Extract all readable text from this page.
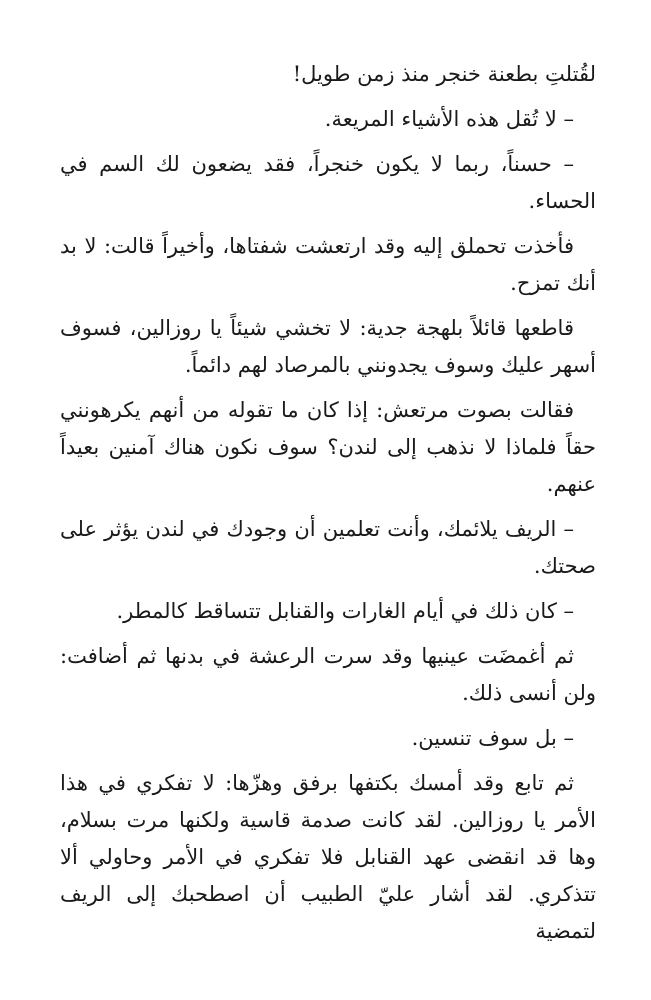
لقُتلتِ بطعنة خنجر منذ زمن طويل!

– لا تُقل هذه الأشياء المريعة.

– حسناً، ربما لا يكون خنجراً، فقد يضعون لك السم في الحساء.

فأخذت تحملق إليه وقد ارتعشت شفتاها، وأخيراً قالت: لا بد أنك تمزح.

قاطعها قائلاً بلهجة جدية: لا تخشي شيئاً يا روزالين، فسوف أسهر عليك وسوف يجدونني بالمرصاد لهم دائماً.

فقالت بصوت مرتعش: إذا كان ما تقوله من أنهم يكرهونني حقاً فلماذا لا نذهب إلى لندن؟ سوف نكون هناك آمنين بعيداً عنهم.

– الريف يلائمك، وأنت تعلمين أن وجودك في لندن يؤثر على صحتك.

– كان ذلك في أيام الغارات والقنابل تتساقط كالمطر.

ثم أغمضَت عينيها وقد سرت الرعشة في بدنها ثم أضافت: ولن أنسى ذلك.

– بل سوف تنسين.

ثم تابع وقد أمسك بكتفها برفق وهزّها: لا تفكري في هذا الأمر يا روزالين. لقد كانت صدمة قاسية ولكنها مرت بسلام، وها قد انقضى عهد القنابل فلا تفكري في الأمر وحاولي ألا تتذكري. لقد أشار عليّ الطبيب أن اصطحبك إلى الريف لتمضية
